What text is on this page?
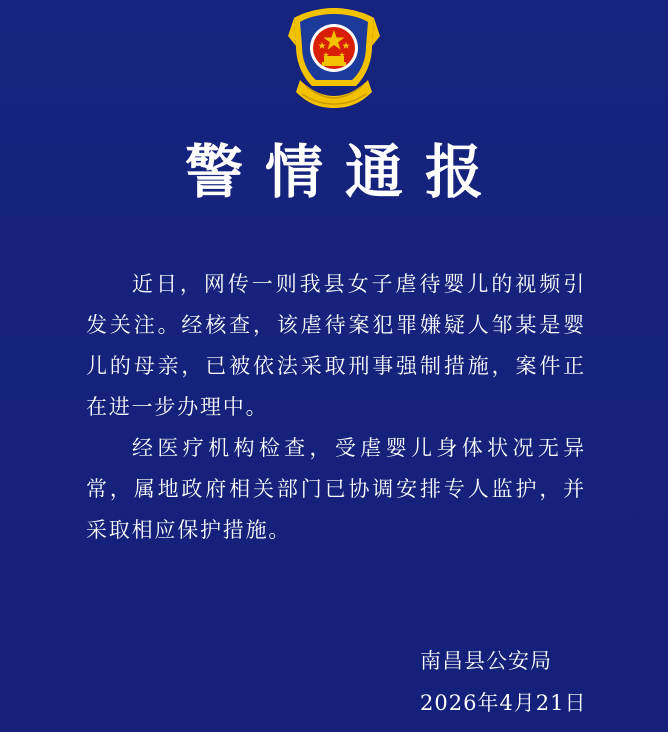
警情通报

近日，网传一则我县女子虐待婴儿的视频引发关注。经核查，该虐待案犯罪嫌疑人邹某是婴儿的母亲，已被依法采取刑事强制措施，案件正在进一步办理中。

经医疗机构检查，受虐婴儿身体状况无异常，属地政府相关部门已协调安排专人监护，并采取相应保护措施。

南昌县公安局
2026年4月21日
